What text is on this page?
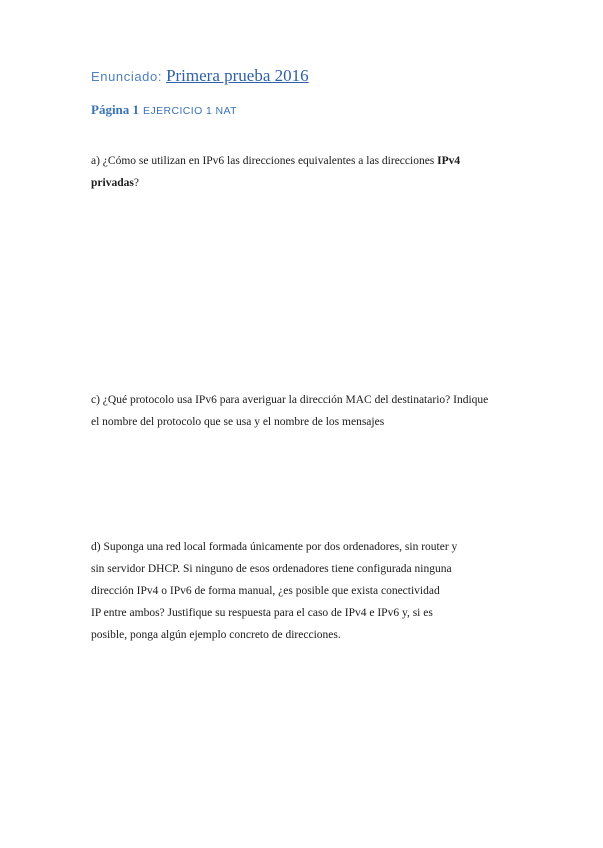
Enunciado: Primera prueba 2016
Página 1 EJERCICIO 1 NAT
a) ¿Cómo se utilizan en IPv6 las direcciones equivalentes a las direcciones IPv4
privadas?
c) ¿Qué protocolo usa IPv6 para averiguar la dirección MAC del destinatario? Indique
el nombre del protocolo que se usa y el nombre de los mensajes
d) Suponga una red local formada únicamente por dos ordenadores, sin router y
sin servidor DHCP. Si ninguno de esos ordenadores tiene configurada ninguna
dirección IPv4 o IPv6 de forma manual, ¿es posible que exista conectividad
IP entre ambos? Justifique su respuesta para el caso de IPv4 e IPv6 y, si es
posible, ponga algún ejemplo concreto de direcciones.
